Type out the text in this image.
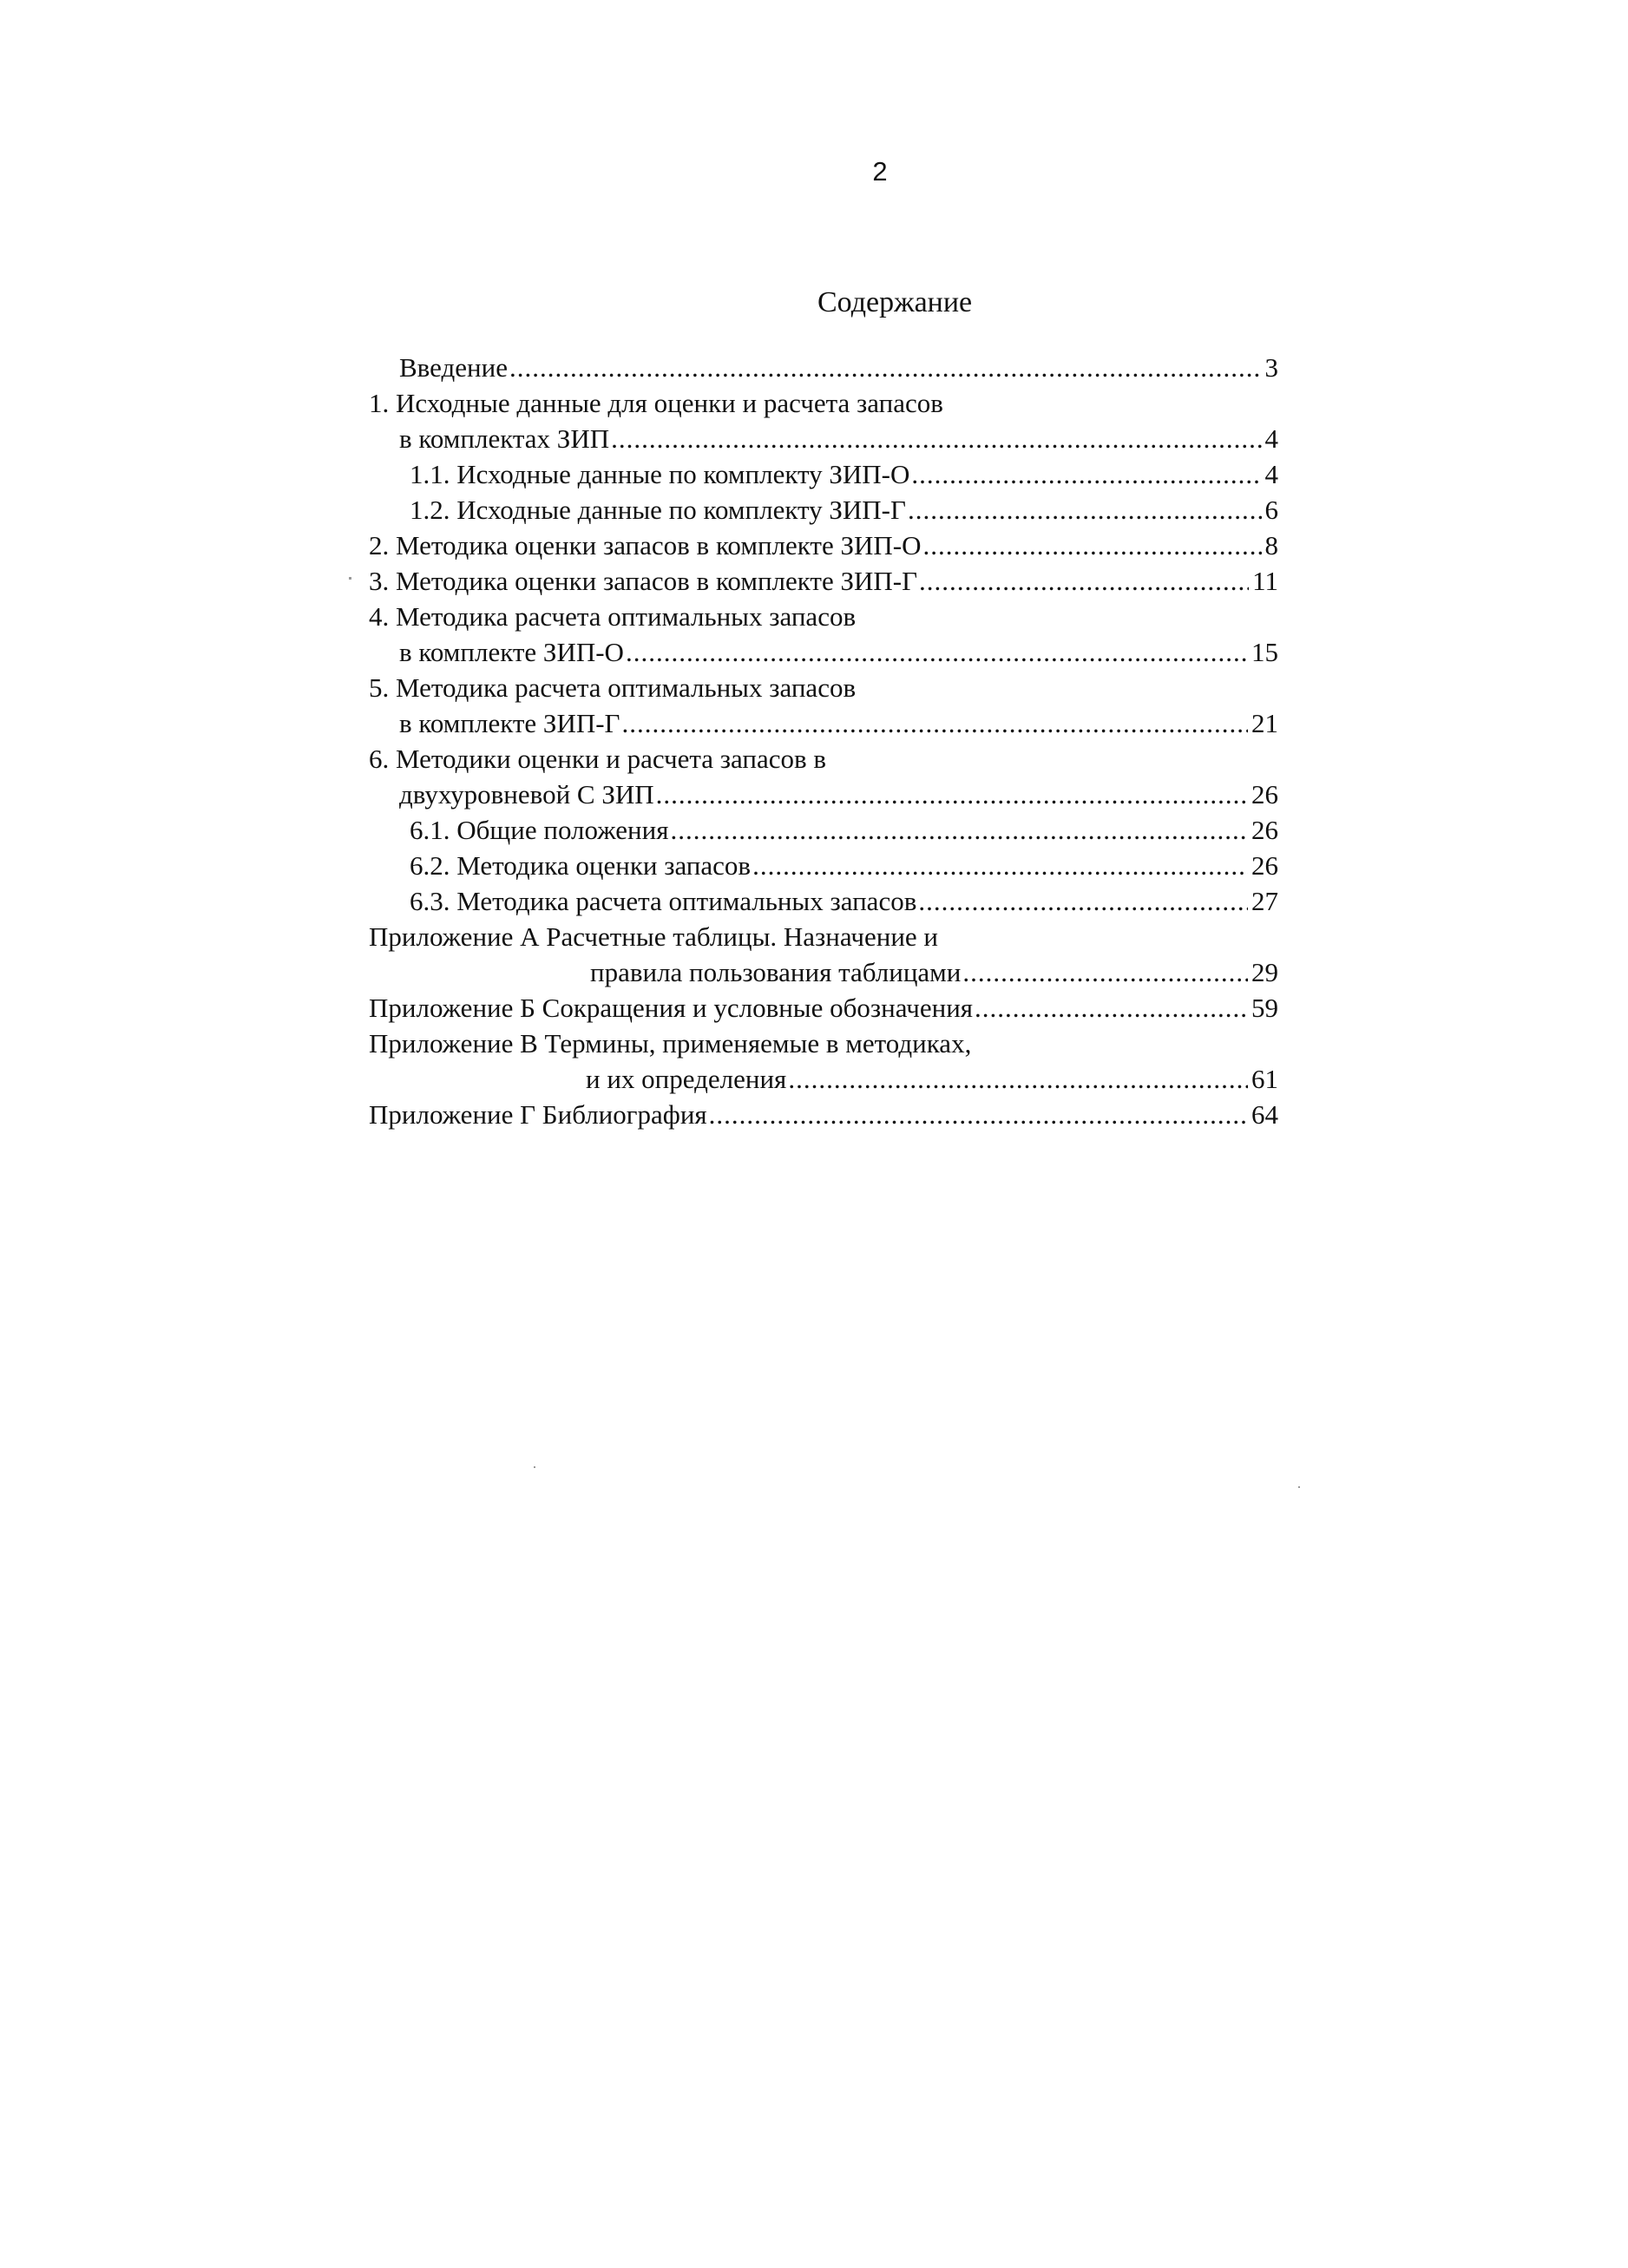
2
Содержание
Введение .....	3
1. Исходные данные для оценки и расчета запасов
в комплектах ЗИП .....	4
1.1. Исходные данные по комплекту ЗИП-О .....	4
1.2. Исходные данные по комплекту ЗИП-Г .....	6
2. Методика оценки запасов в комплекте ЗИП-О .....	8
3. Методика оценки запасов в комплекте ЗИП-Г .....	11
4. Методика расчета оптимальных запасов
в комплекте ЗИП-О .....	15
5. Методика расчета оптимальных запасов
в комплекте ЗИП-Г .....	21
6. Методики оценки и расчета запасов в
двухуровневой С ЗИП .....	26
6.1. Общие положения .....	26
6.2. Методика оценки запасов .....	26
6.3. Методика расчета оптимальных запасов .....	27
Приложение А Расчетные таблицы. Назначение и
правила пользования таблицами .....	29
Приложение Б Сокращения и условные обозначения .....	59
Приложение В Термины, применяемые в методиках,
и их определения .....	61
Приложение Г Библиография .....	64
